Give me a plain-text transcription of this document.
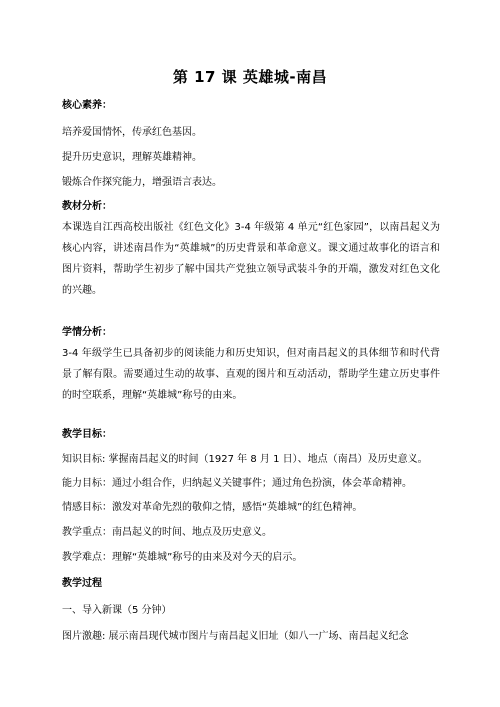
第 17 课 英雄城-南昌
核心素养：
培养爱国情怀，传承红色基因。
提升历史意识，理解英雄精神。
锻炼合作探究能力，增强语言表达。
教材分析：
本课选自江西高校出版社《红色文化》3-4 年级第 4 单元“红色家园”，以南昌起义为核心内容，讲述南昌作为“英雄城”的历史背景和革命意义。课文通过故事化的语言和图片资料，帮助学生初步了解中国共产党独立领导武装斗争的开端，激发对红色文化的兴趣。
学情分析：
3-4 年级学生已具备初步的阅读能力和历史知识，但对南昌起义的具体细节和时代背景了解有限。需要通过生动的故事、直观的图片和互动活动，帮助学生建立历史事件的时空联系，理解“英雄城”称号的由来。
教学目标：
知识目标: 掌握南昌起义的时间（1927 年 8 月 1 日）、地点（南昌）及历史意义。
能力目标：通过小组合作，归纳起义关键事件；通过角色扮演，体会革命精神。
情感目标：激发对革命先烈的敬仰之情，感悟“英雄城”的红色精神。
教学重点：南昌起义的时间、地点及历史意义。
教学难点：理解“英雄城”称号的由来及对今天的启示。
教学过程
一、导入新课（5 分钟）
图片激趣: 展示南昌现代城市图片与南昌起义旧址（如八一广场、南昌起义纪念
